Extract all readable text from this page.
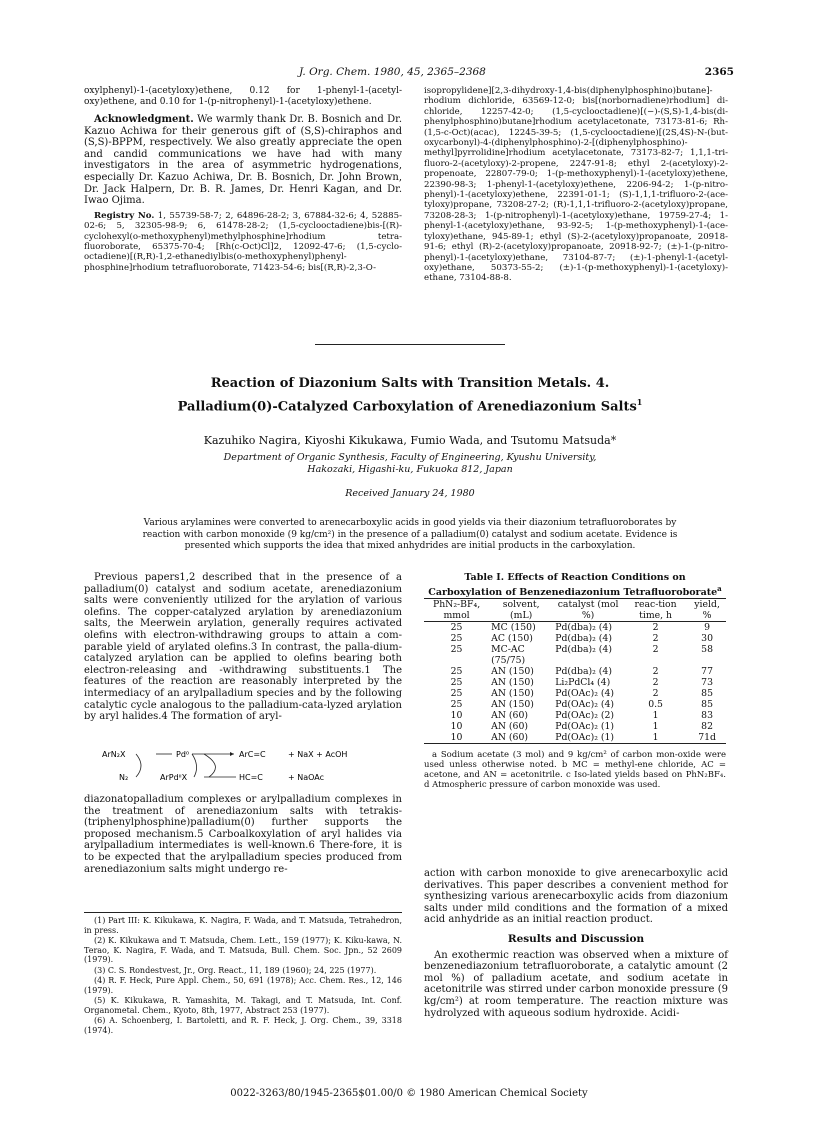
J. Org. Chem. 1980, 45, 2365–2368	2365

oxylphenyl)-1-(acetyloxy)ethene, 0.12 for 1-phenyl-1-(acetyl-oxy)ethene, and 0.10 for 1-(p-nitrophenyl)-1-(acetyloxy)ethene.

Acknowledgment. We warmly thank Dr. B. Bosnich and Dr. Kazuo Achiwa for their generous gift of (S,S)-chiraphos and (S,S)-BPPM, respectively. We also greatly appreciate the open and candid communications we have had with many investigators in the area of asymmetric hydrogenations, especially Dr. Kazuo Achiwa, Dr. B. Bosnich, Dr. John Brown, Dr. Jack Halpern, Dr. B. R. James, Dr. Henri Kagan, and Dr. Iwao Ojima.

Registry No. 1, 55739-58-7; 2, 64896-28-2; 3, 67884-32-6; 4, 52885-02-6; 5, 32305-98-9; 6, 61478-28-2; (1,5-cyclooctadiene)bis-[(R)-cyclohexyl(o-methoxyphenyl)methylphosphine]rhodium tetra-fluoroborate, 65375-70-4; [Rh(c-Oct)Cl]2, 12092-47-6; (1,5-cyclo-octadiene)[(R,R)-1,2-ethanediylbis(o-methoxyphenyl)phenyl-phosphine]rhodium tetrafluoroborate, 71423-54-6; bis[(R,R)-2,3-O-

isopropylidene][2,3-dihydroxy-1,4-bis(diphenylphosphino)butane]-rhodium dichloride, 63569-12-0; bis[(norbornadiene)rhodium] di-chloride, 12257-42-0; (1,5-cyclooctadiene)[(−)-(S,S)-1,4-bis(di-phenylphosphino)butane]rhodium acetylacetonate, 73173-81-6; Rh-(1,5-c-Oct)(acac), 12245-39-5; (1,5-cyclooctadiene)[(2S,4S)-N-(but-oxycarbonyl)-4-(diphenylphosphino)-2-[(diphenylphosphino)-methyl]pyrrolidine]rhodium acetylacetonate, 73173-82-7; 1,1,1-tri-fluoro-2-(acetyloxy)-2-propene, 2247-91-8; ethyl 2-(acetyloxy)-2-propenoate, 22807-79-0; 1-(p-methoxyphenyl)-1-(acetyloxy)ethene, 22390-98-3; 1-phenyl-1-(acetyloxy)ethene, 2206-94-2; 1-(p-nitro-phenyl)-1-(acetyloxy)ethene, 22391-01-1; (S)-1,1,1-trifluoro-2-(ace-tyloxy)propane, 73208-27-2; (R)-1,1,1-trifluoro-2-(acetyloxy)propane, 73208-28-3; 1-(p-nitrophenyl)-1-(acetyloxy)ethane, 19759-27-4; 1-phenyl-1-(acetyloxy)ethane, 93-92-5; 1-(p-methoxyphenyl)-1-(ace-tyloxy)ethane, 945-89-1; ethyl (S)-2-(acetyloxy)propanoate, 20918-91-6; ethyl (R)-2-(acetyloxy)propanoate, 20918-92-7; (±)-1-(p-nitro-phenyl)-1-(acetyloxy)ethane, 73104-87-7; (±)-1-phenyl-1-(acetyl-oxy)ethane, 50373-55-2; (±)-1-(p-methoxyphenyl)-1-(acetyloxy)-ethane, 73104-88-8.

Reaction of Diazonium Salts with Transition Metals. 4.
Palladium(0)-Catalyzed Carboxylation of Arenediazonium Salts$^1$
Kazuhiko Nagira, Kiyoshi Kikukawa, Fumio Wada, and Tsutomu Matsuda*
Department of Organic Synthesis, Faculty of Engineering, Kyushu University,
Hakozaki, Higashi-ku, Fukuoka 812, Japan
Received January 24, 1980
Various arylamines were converted to arenecarboxylic acids in good yields via their diazonium tetrafluoroborates by reaction with carbon monoxide (9 kg/cm²) in the presence of a palladium(0) catalyst and sodium acetate. Evidence is presented which supports the idea that mixed anhydrides are initial products in the carboxylation.

Previous papers1,2 described that in the presence of a palladium(0) catalyst and sodium acetate, arenediazonium salts were conveniently utilized for the arylation of various olefins. The copper-catalyzed arylation by arenediazonium salts, the Meerwein arylation, generally requires activated olefins with electron-withdrawing groups to attain a com-parable yield of arylated olefins.3 In contrast, the palla-dium-catalyzed arylation can be applied to olefins bearing both electron-releasing and -withdrawing substituents.1 The features of the reaction are reasonably interpreted by the intermediacy of an arylpalladium species and by the following catalytic cycle analogous to the palladium-cata-lyzed arylation by aryl halides.4 The formation of aryl-

ArN₂X	Pd⁰	ArC=C	+ NaX + AcOH
N₂	ArPdᴵᴵX	HC=C	+ NaOAc

diazonatopalladium complexes or arylpalladium complexes in the treatment of arenediazonium salts with tetrakis-(triphenylphosphine)palladium(0) further supports the proposed mechanism.5 Carboalkoxylation of aryl halides via arylpalladium intermediates is well-known.6 There-fore, it is to be expected that the arylpalladium species produced from arenediazonium salts might undergo re-

(1) Part III: K. Kikukawa, K. Nagira, F. Wada, and T. Matsuda, Tetrahedron, in press.

(2) K. Kikukawa and T. Matsuda, Chem. Lett., 159 (1977); K. Kiku-kawa, N. Terao, K. Nagira, F. Wada, and T. Matsuda, Bull. Chem. Soc. Jpn., 52 2609 (1979).

(3) C. S. Rondestvest, Jr., Org. React., 11, 189 (1960); 24, 225 (1977).

(4) R. F. Heck, Pure Appl. Chem., 50, 691 (1978); Acc. Chem. Res., 12, 146 (1979).

(5) K. Kikukawa, R. Yamashita, M. Takagi, and T. Matsuda, Int. Conf. Organometal. Chem., Kyoto, 8th, 1977, Abstract 253 (1977).

(6) A. Schoenberg, I. Bartoletti, and R. F. Heck, J. Org. Chem., 39, 3318 (1974).

Table I. Effects of Reaction Conditions on
Carboxylation of Benzenediazonium Tetrafluoroborate$^a$
PhN₂-BF₄, mmol	solvent, (mL)	catalyst (mol %)	reac-tion time, h	yield, %
25	MC (150)	Pd(dba)₂ (4)	2	9
25	AC (150)	Pd(dba)₂ (4)	2	30
25	MC-AC (75/75)	Pd(dba)₂ (4)	2	58
25	AN (150)	Pd(dba)₂ (4)	2	77
25	AN (150)	Li₂PdCl₄ (4)	2	73
25	AN (150)	Pd(OAc)₂ (4)	2	85
25	AN (150)	Pd(OAc)₂ (4)	0.5	85
10	AN (60)	Pd(OAc)₂ (2)	1	83
10	AN (60)	Pd(OAc)₂ (1)	1	82
10	AN (60)	Pd(OAc)₂ (1)	1	71d

a Sodium acetate (3 mol) and 9 kg/cm² of carbon mon-oxide were used unless otherwise noted. b MC = methyl-ene chloride, AC = acetone, and AN = acetonitrile. c Iso-lated yields based on PhN₂BF₄. d Atmospheric pressure of carbon monoxide was used.

action with carbon monoxide to give arenecarboxylic acid derivatives. This paper describes a convenient method for synthesizing various arenecarboxylic acids from diazonium salts under mild conditions and the formation of a mixed acid anhydride as an initial reaction product.

Results and Discussion

An exothermic reaction was observed when a mixture of benzenediazonium tetrafluoroborate, a catalytic amount (2 mol %) of palladium acetate, and sodium acetate in acetonitrile was stirred under carbon monoxide pressure (9 kg/cm²) at room temperature. The reaction mixture was hydrolyzed with aqueous sodium hydroxide. Acidi-

0022-3263/80/1945-2365$01.00/0 © 1980 American Chemical Society
